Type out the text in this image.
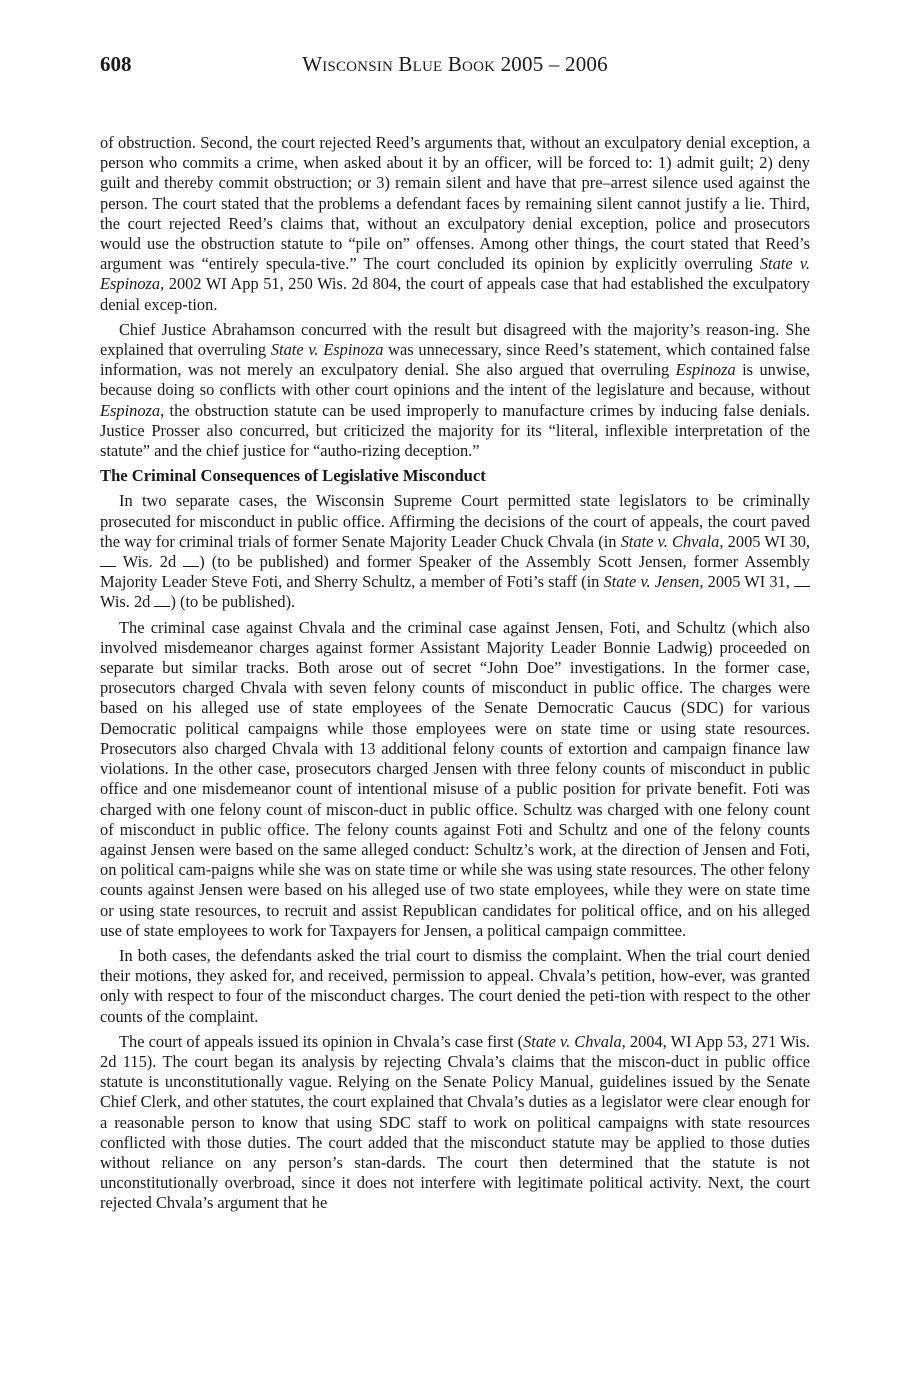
608	Wisconsin Blue Book 2005 – 2006

of obstruction. Second, the court rejected Reed’s arguments that, without an exculpatory denial exception, a person who commits a crime, when asked about it by an officer, will be forced to: 1) admit guilt; 2) deny guilt and thereby commit obstruction; or 3) remain silent and have that pre–arrest silence used against the person. The court stated that the problems a defendant faces by remaining silent cannot justify a lie. Third, the court rejected Reed’s claims that, without an exculpatory denial exception, police and prosecutors would use the obstruction statute to “pile on” offenses. Among other things, the court stated that Reed’s argument was “entirely specula-tive.” The court concluded its opinion by explicitly overruling State v. Espinoza, 2002 WI App 51, 250 Wis. 2d 804, the court of appeals case that had established the exculpatory denial excep-tion.

Chief Justice Abrahamson concurred with the result but disagreed with the majority’s reason-ing. She explained that overruling State v. Espinoza was unnecessary, since Reed’s statement, which contained false information, was not merely an exculpatory denial. She also argued that overruling Espinoza is unwise, because doing so conflicts with other court opinions and the intent of the legislature and because, without Espinoza, the obstruction statute can be used improperly to manufacture crimes by inducing false denials. Justice Prosser also concurred, but criticized the majority for its “literal, inflexible interpretation of the statute” and the chief justice for “autho-rizing deception.”

The Criminal Consequences of Legislative Misconduct

In two separate cases, the Wisconsin Supreme Court permitted state legislators to be criminally prosecuted for misconduct in public office. Affirming the decisions of the court of appeals, the court paved the way for criminal trials of former Senate Majority Leader Chuck Chvala (in State v. Chvala, 2005 WI 30,  Wis. 2d ) (to be published) and former Speaker of the Assembly Scott Jensen, former Assembly Majority Leader Steve Foti, and Sherry Schultz, a member of Foti’s staff (in State v. Jensen, 2005 WI 31,  Wis. 2d ) (to be published).

The criminal case against Chvala and the criminal case against Jensen, Foti, and Schultz (which also involved misdemeanor charges against former Assistant Majority Leader Bonnie Ladwig) proceeded on separate but similar tracks. Both arose out of secret “John Doe” investigations. In the former case, prosecutors charged Chvala with seven felony counts of misconduct in public office. The charges were based on his alleged use of state employees of the Senate Democratic Caucus (SDC) for various Democratic political campaigns while those employees were on state time or using state resources. Prosecutors also charged Chvala with 13 additional felony counts of extortion and campaign finance law violations. In the other case, prosecutors charged Jensen with three felony counts of misconduct in public office and one misdemeanor count of intentional misuse of a public position for private benefit. Foti was charged with one felony count of miscon-duct in public office. Schultz was charged with one felony count of misconduct in public office. The felony counts against Foti and Schultz and one of the felony counts against Jensen were based on the same alleged conduct: Schultz’s work, at the direction of Jensen and Foti, on political cam-paigns while she was on state time or while she was using state resources. The other felony counts against Jensen were based on his alleged use of two state employees, while they were on state time or using state resources, to recruit and assist Republican candidates for political office, and on his alleged use of state employees to work for Taxpayers for Jensen, a political campaign committee.

In both cases, the defendants asked the trial court to dismiss the complaint. When the trial court denied their motions, they asked for, and received, permission to appeal. Chvala’s petition, how-ever, was granted only with respect to four of the misconduct charges. The court denied the peti-tion with respect to the other counts of the complaint.

The court of appeals issued its opinion in Chvala’s case first (State v. Chvala, 2004, WI App 53, 271 Wis. 2d 115). The court began its analysis by rejecting Chvala’s claims that the miscon-duct in public office statute is unconstitutionally vague. Relying on the Senate Policy Manual, guidelines issued by the Senate Chief Clerk, and other statutes, the court explained that Chvala’s duties as a legislator were clear enough for a reasonable person to know that using SDC staff to work on political campaigns with state resources conflicted with those duties. The court added that the misconduct statute may be applied to those duties without reliance on any person’s stan-dards. The court then determined that the statute is not unconstitutionally overbroad, since it does not interfere with legitimate political activity. Next, the court rejected Chvala’s argument that he
